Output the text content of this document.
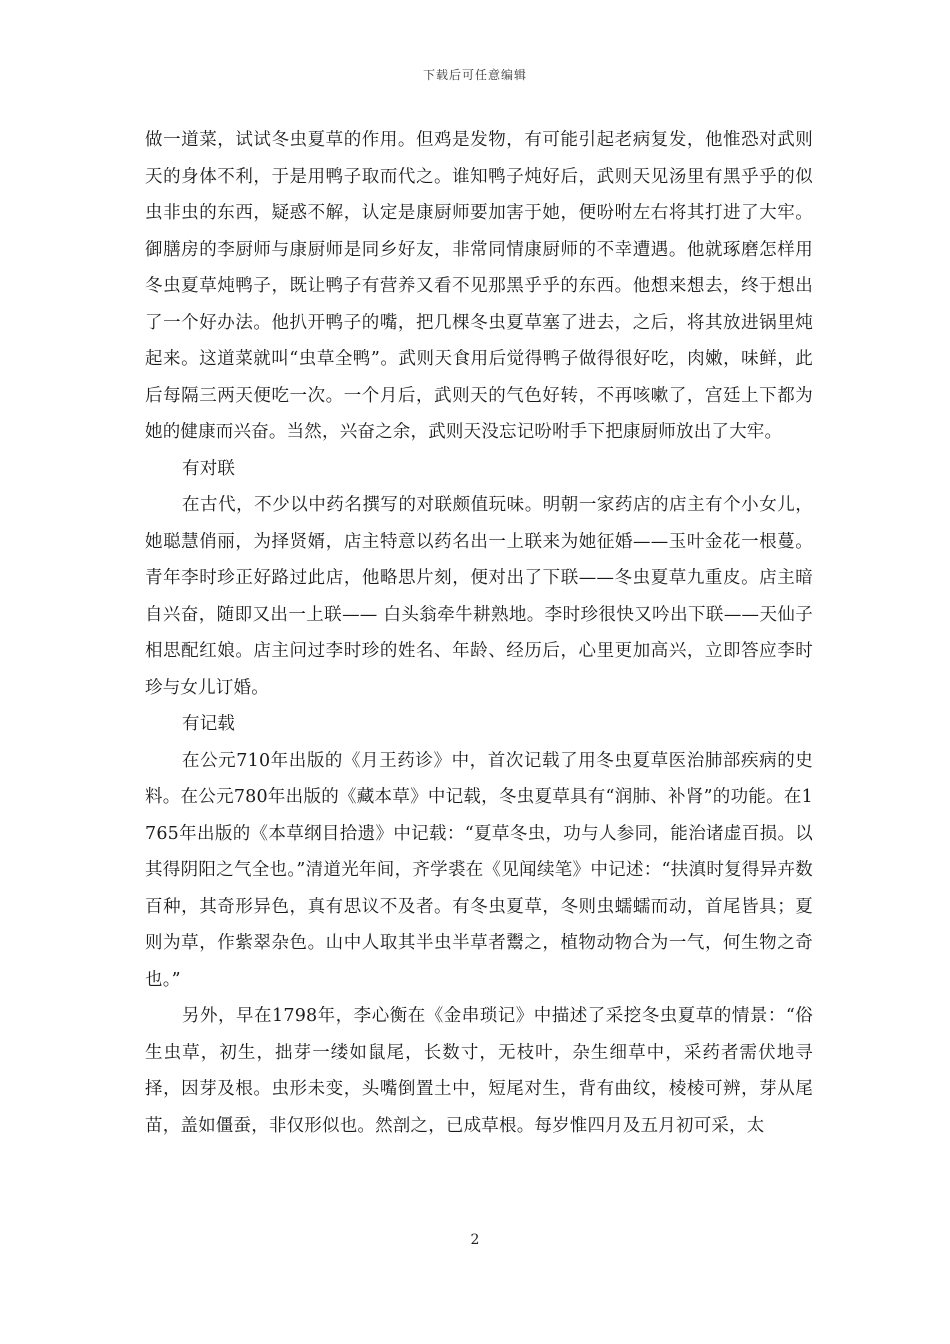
下载后可任意编辑

做一道菜，试试冬虫夏草的作用。但鸡是发物，有可能引起老病复发，他惟恐对武则天的身体不利，于是用鸭子取而代之。谁知鸭子炖好后，武则天见汤里有黑乎乎的似虫非虫的东西，疑惑不解，认定是康厨师要加害于她，便吩咐左右将其打进了大牢。御膳房的李厨师与康厨师是同乡好友，非常同情康厨师的不幸遭遇。他就琢磨怎样用冬虫夏草炖鸭子，既让鸭子有营养又看不见那黑乎乎的东西。他想来想去，终于想出了一个好办法。他扒开鸭子的嘴，把几棵冬虫夏草塞了进去，之后，将其放进锅里炖起来。这道菜就叫“虫草全鸭”。武则天食用后觉得鸭子做得很好吃，肉嫩，味鲜，此后每隔三两天便吃一次。一个月后，武则天的气色好转，不再咳嗽了，宫廷上下都为她的健康而兴奋。当然，兴奋之余，武则天没忘记吩咐手下把康厨师放出了大牢。

有对联

在古代，不少以中药名撰写的对联颇值玩味。明朝一家药店的店主有个小女儿，她聪慧俏丽，为择贤婿，店主特意以药名出一上联来为她征婚——玉叶金花一根蔓。青年李时珍正好路过此店，他略思片刻，便对出了下联——冬虫夏草九重皮。店主暗自兴奋，随即又出一上联—— 白头翁牵牛耕熟地。李时珍很快又吟出下联——天仙子相思配红娘。店主问过李时珍的姓名、年龄、经历后，心里更加高兴，立即答应李时珍与女儿订婚。

有记载

在公元710年出版的《月王药诊》中，首次记载了用冬虫夏草医治肺部疾病的史料。在公元780年出版的《藏本草》中记载，冬虫夏草具有“润肺、补肾”的功能。在1765年出版的《本草纲目拾遗》中记载：“夏草冬虫，功与人参同，能治诸虚百损。以其得阴阳之气全也。”清道光年间，齐学裘在《见闻续笔》中记述：“扶滇时复得异卉数百种，其奇形异色，真有思议不及者。有冬虫夏草，冬则虫蠕蠕而动，首尾皆具；夏则为草，作紫翠杂色。山中人取其半虫半草者鬻之，植物动物合为一气，何生物之奇也。”

另外，早在1798年，李心衡在《金串琐记》中描述了采挖冬虫夏草的情景：“俗生虫草，初生，拙芽一缕如鼠尾，长数寸，无枝叶，杂生细草中，采药者需伏地寻择，因芽及根。虫形未变，头嘴倒置土中，短尾对生，背有曲纹，棱棱可辨，芽从尾苗，盖如僵蚕，非仅形似也。然剖之，已成草根。每岁惟四月及五月初可采，太

2
